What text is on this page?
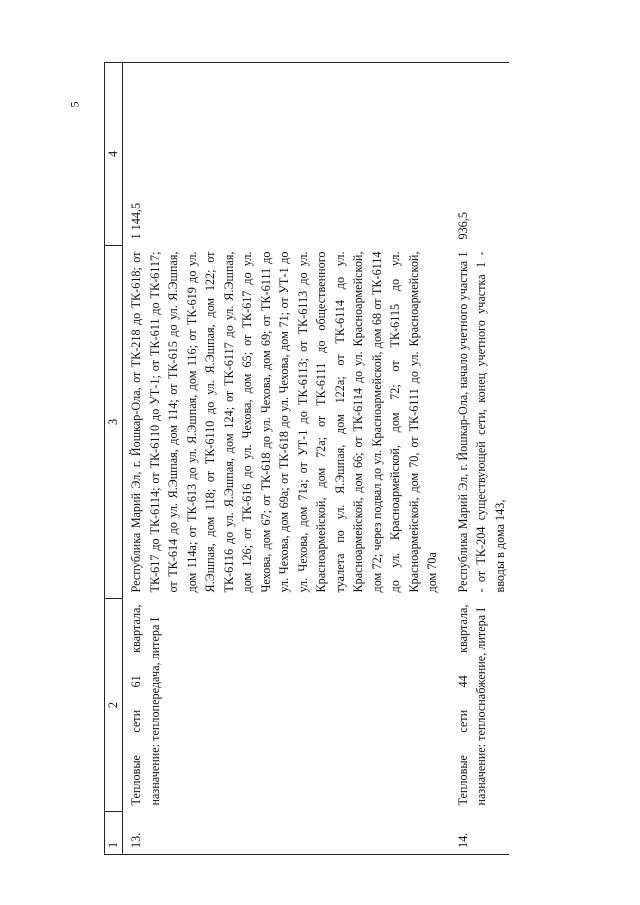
5
1	2	3	4
13.	Тепловые сети 61 квартала, назначение: теплопередача, литера I	Республика Марий Эл, г. Йошкар-Ола, от ТК-218 до ТК-618; от ТК-617 до ТК-6114; от ТК-6110 до УТ-1; от ТК-611 до ТК-6117; от ТК-614 до ул. Я.Эшпая, дом 114; от ТК-615 до ул. Я.Эшпая, дом 114а; от ТК-613 до ул. Я.Эшпая, дом 116; от ТК-619 до ул. Я.Эшпая, дом 118; от ТК-6110 до ул. Я.Эшпая, дом 122; от ТК-6116 до ул. Я.Эшпая, дом 124; от ТК-6117 до ул. Я.Эшпая, дом 126; от ТК-616 до ул. Чехова, дом 65; от ТК-617 до ул. Чехова, дом 67; от ТК-618 до ул. Чехова, дом 69; от ТК-6111 до ул. Чехова, дом 69а; от ТК-618 до ул. Чехова, дом 71; от УТ-1 до ул. Чехова, дом 71а; от УТ-1 до ТК-6113; от ТК-6113 до ул. Красноармейской, дом 72а; от ТК-6111 до общественного туалета по ул. Я.Эшпая, дом 122а; от ТК-6114 до ул. Красноармейской, дом 66; от ТК-6114 до ул. Красноармейской, дом 72; через подвал до ул. Красноармейской, дом 68 от ТК-6114 до ул. Красноармейской, дом 72; от ТК-6115 до ул. Красноармейской, дом 70, от ТК-6111 до ул. Красноармейской, дом 70а	1 144,5
14.	Тепловые сети 44 квартала, назначение: теплоснабжение, литера I	Республика Марий Эл, г. Йошкар-Ола, начало учетного участка 1 - от ТК-204 существующей сети, конец учетного участка 1 - вводы в дома 143,	936,5
